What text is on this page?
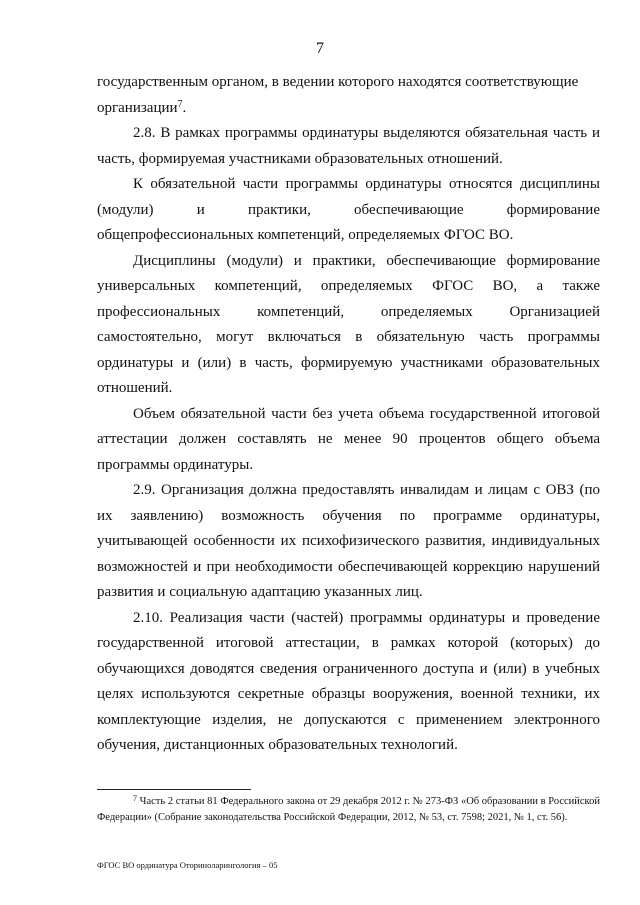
7

государственным органом, в ведении которого находятся соответствующие организации$^7$.

2.8. В рамках программы ординатуры выделяются обязательная часть и часть, формируемая участниками образовательных отношений.

К обязательной части программы ординатуры относятся дисциплины (модули) и практики, обеспечивающие формирование общепрофессиональных компетенций, определяемых ФГОС ВО.

Дисциплины (модули) и практики, обеспечивающие формирование универсальных компетенций, определяемых ФГОС ВО, а также профессиональных компетенций, определяемых Организацией самостоятельно, могут включаться в обязательную часть программы ординатуры и (или) в часть, формируемую участниками образовательных отношений.

Объем обязательной части без учета объема государственной итоговой аттестации должен составлять не менее 90 процентов общего объема программы ординатуры.

2.9. Организация должна предоставлять инвалидам и лицам с ОВЗ (по их заявлению) возможность обучения по программе ординатуры, учитывающей особенности их психофизического развития, индивидуальных возможностей и при необходимости обеспечивающей коррекцию нарушений развития и социальную адаптацию указанных лиц.

2.10. Реализация части (частей) программы ординатуры и проведение государственной итоговой аттестации, в рамках которой (которых) до обучающихся доводятся сведения ограниченного доступа и (или) в учебных целях используются секретные образцы вооружения, военной техники, их комплектующие изделия, не допускаются с применением электронного обучения, дистанционных образовательных технологий.

$^7$ Часть 2 статьи 81 Федерального закона от 29 декабря 2012 г. № 273-ФЗ «Об образовании в Российской Федерации» (Собрание законодательства Российской Федерации, 2012, № 53, ст. 7598; 2021, № 1, ст. 56).
ФГОС ВО ординатура Оториноларингология – 05
